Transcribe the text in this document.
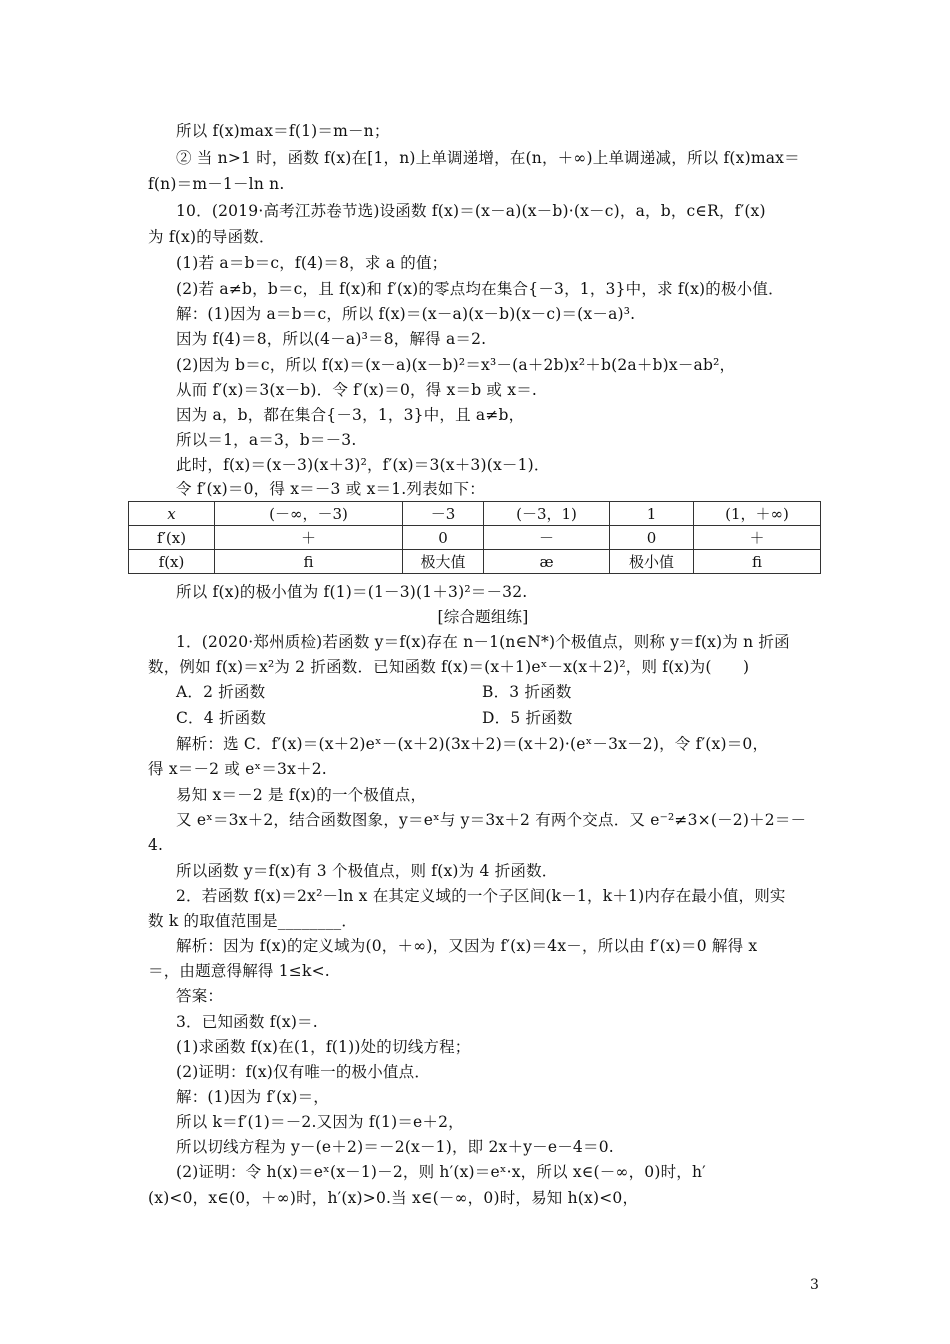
所以 f(x)max＝f(1)＝m－n；
② 当 n>1 时，函数 f(x)在[1，n)上单调递增，在(n，＋∞)上单调递减，所以 f(x)max＝
f(n)＝m－1－ln n.
10．(2019·高考江苏卷节选)设函数 f(x)＝(x－a)(x－b)·(x－c)，a，b，c∈R，f′(x)
为 f(x)的导函数．
(1)若 a＝b＝c，f(4)＝8，求 a 的值；
(2)若 a≠b，b＝c，且 f(x)和 f′(x)的零点均在集合{－3，1，3}中，求 f(x)的极小值．
解：(1)因为 a＝b＝c，所以 f(x)＝(x－a)(x－b)(x－c)＝(x－a)³.
因为 f(4)＝8，所以(4－a)³＝8，解得 a＝2.
(2)因为 b＝c，所以 f(x)＝(x－a)(x－b)²＝x³－(a＋2b)x²＋b(2a＋b)x－ab²，
从而 f′(x)＝3(x－b)．令 f′(x)＝0，得 x＝b 或 x＝.
因为 a，b，都在集合{－3，1，3}中，且 a≠b，
所以＝1，a＝3，b＝－3.
此时，f(x)＝(x－3)(x＋3)²，f′(x)＝3(x＋3)(x－1)．
令 f′(x)＝0，得 x＝－3 或 x＝1.列表如下：
x	(－∞，－3)	－3	(－3，1)	1	(1，＋∞)
f′(x)	＋	0	－	0	＋
f(x)	ﬁ	极大值	æ	极小值	ﬁ
所以 f(x)的极小值为 f(1)＝(1－3)(1＋3)²＝－32.
[综合题组练]
1．(2020·郑州质检)若函数 y＝f(x)存在 n－1(n∈N*)个极值点，则称 y＝f(x)为 n 折函
数，例如 f(x)＝x²为 2 折函数．已知函数 f(x)＝(x＋1)eˣ－x(x＋2)²，则 f(x)为(　　)
A．2 折函数	B．3 折函数
C．4 折函数	D．5 折函数
解析：选 C．f′(x)＝(x＋2)eˣ－(x＋2)(3x＋2)＝(x＋2)·(eˣ－3x－2)，令 f′(x)＝0，
得 x＝－2 或 eˣ＝3x＋2.
易知 x＝－2 是 f(x)的一个极值点，
又 eˣ＝3x＋2，结合函数图象，y＝eˣ与 y＝3x＋2 有两个交点．又 e⁻²≠3×(－2)＋2＝－
4.
所以函数 y＝f(x)有 3 个极值点，则 f(x)为 4 折函数．
2．若函数 f(x)＝2x²－ln x 在其定义域的一个子区间(k－1，k＋1)内存在最小值，则实
数 k 的取值范围是________．
解析：因为 f(x)的定义域为(0，＋∞)，又因为 f′(x)＝4x－，所以由 f′(x)＝0 解得 x
＝，由题意得解得 1≤k<.
答案：
3．已知函数 f(x)＝.
(1)求函数 f(x)在(1，f(1))处的切线方程；
(2)证明：f(x)仅有唯一的极小值点．
解：(1)因为 f′(x)＝，
所以 k＝f′(1)＝－2.又因为 f(1)＝e＋2，
所以切线方程为 y－(e＋2)＝－2(x－1)，即 2x＋y－e－4＝0.
(2)证明：令 h(x)＝eˣ(x－1)－2，则 h′(x)＝eˣ·x，所以 x∈(－∞，0)时，h′
(x)<0，x∈(0，＋∞)时，h′(x)>0.当 x∈(－∞，0)时，易知 h(x)<0，
3
